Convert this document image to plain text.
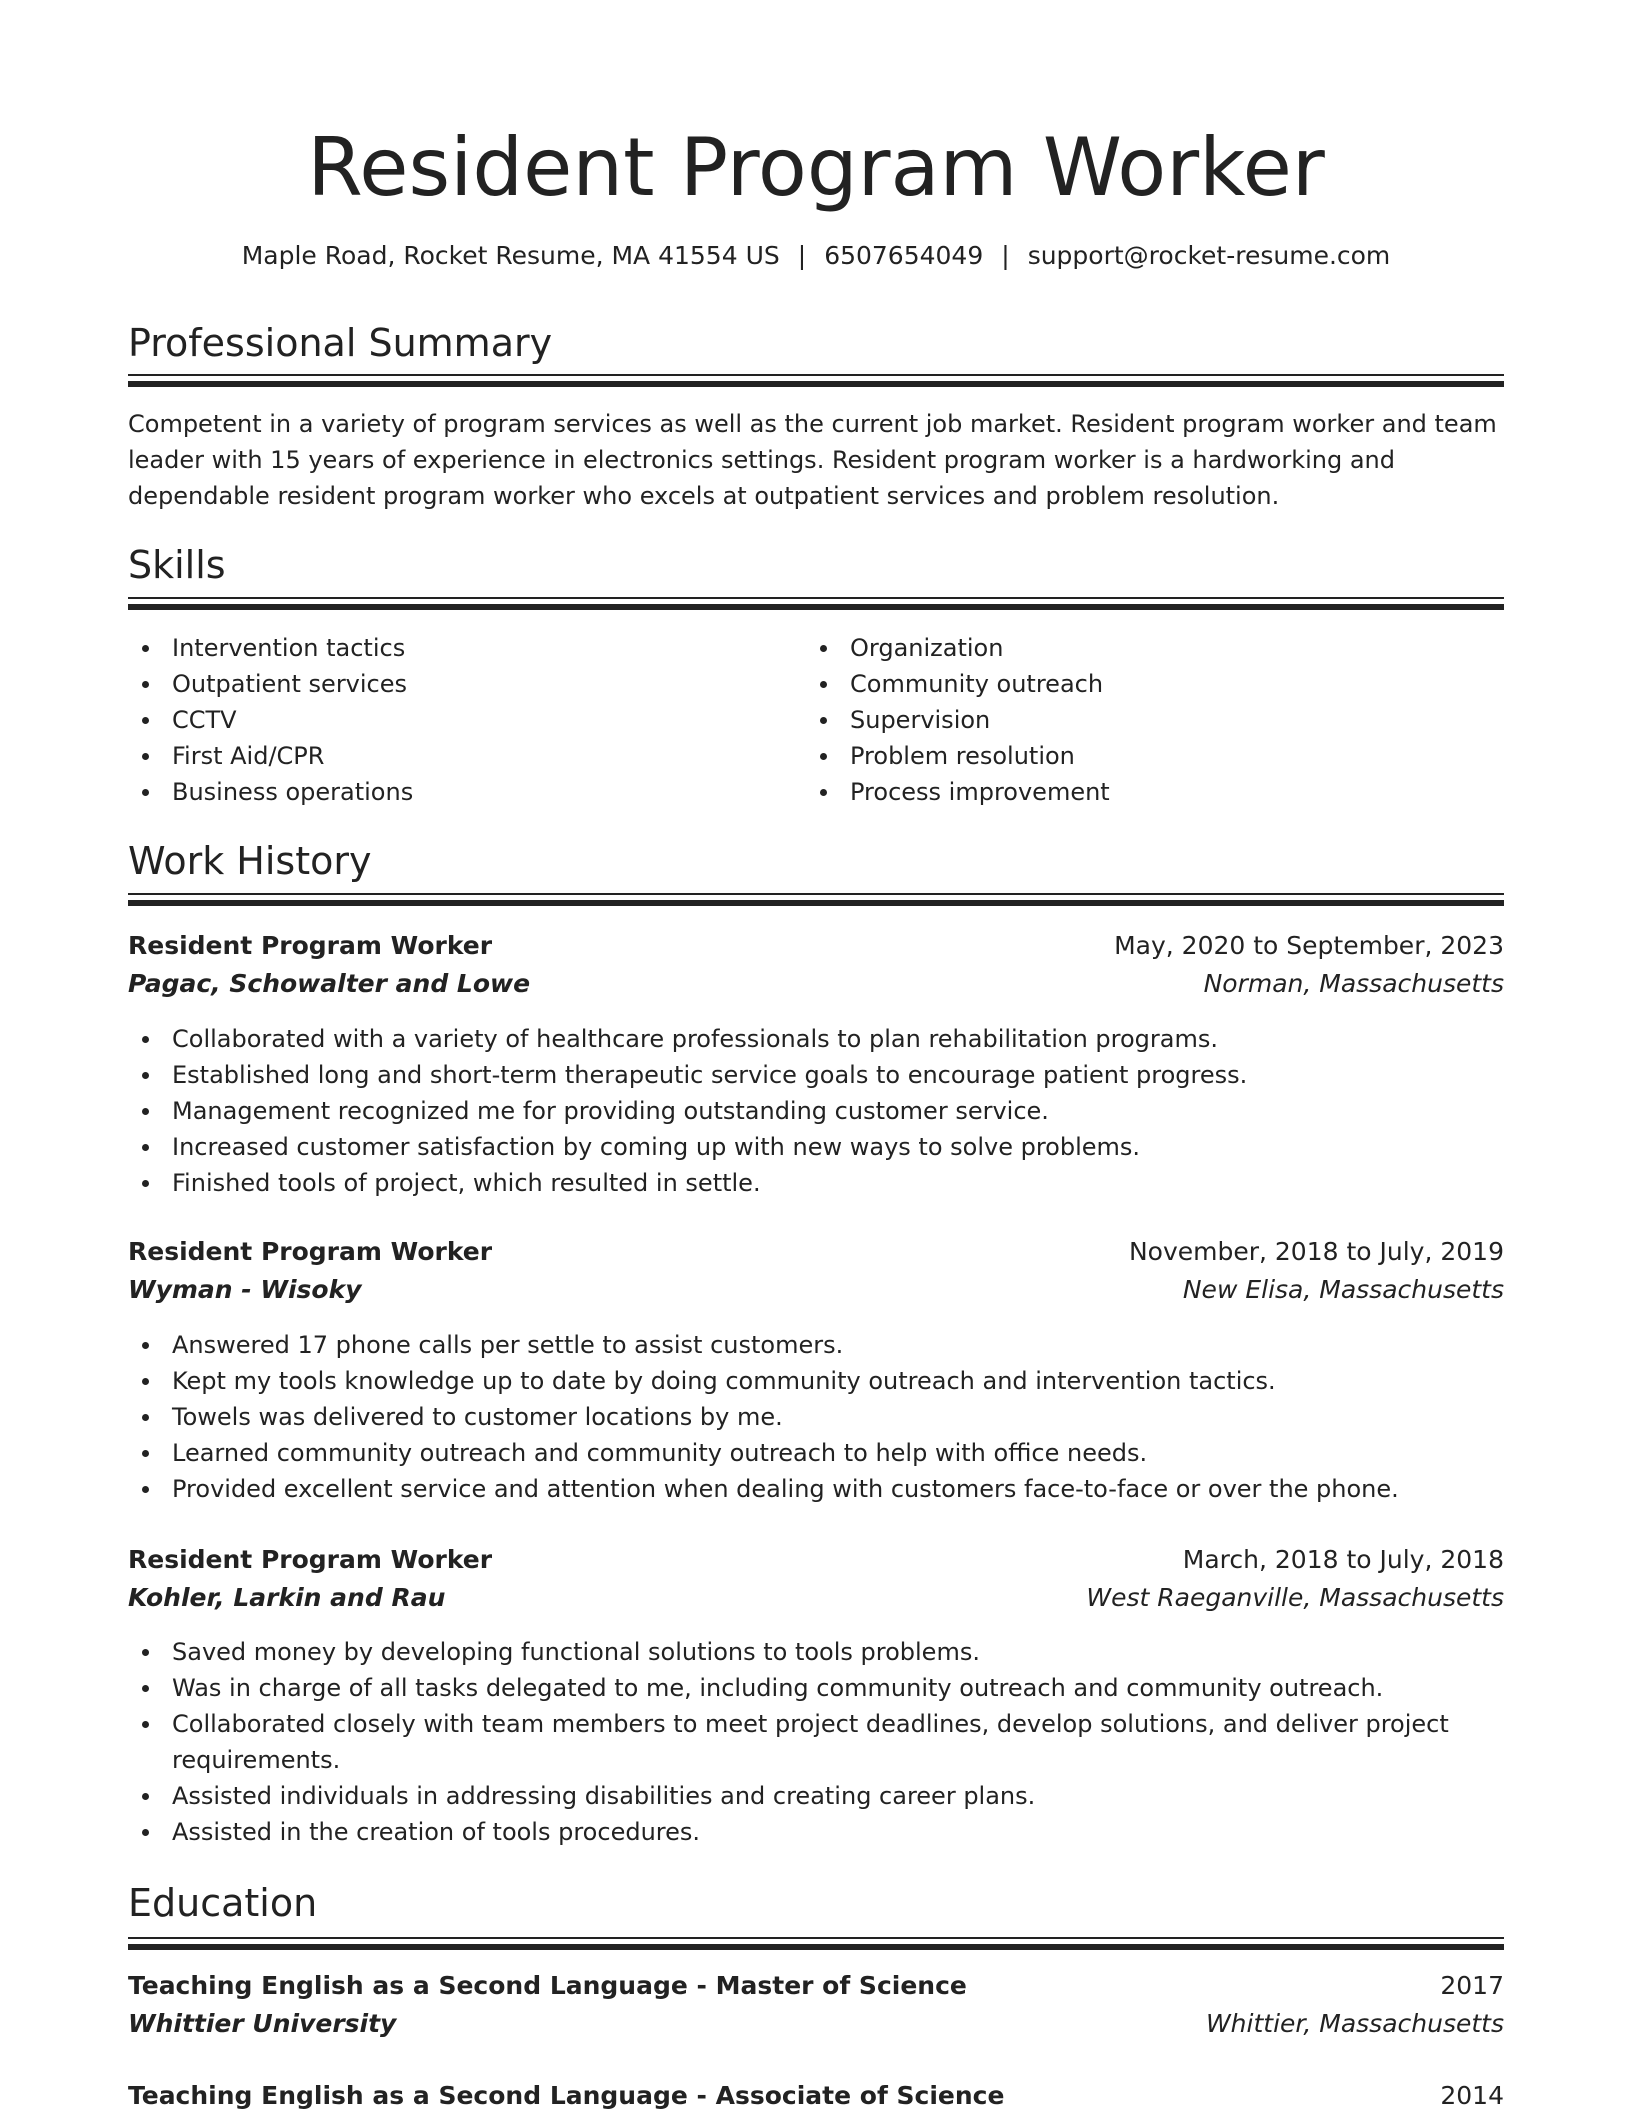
Resident Program Worker
Maple Road, Rocket Resume, MA 41554 US | 6507654049 | support@rocket-resume.com
Professional Summary

Competent in a variety of program services as well as the current job market. Resident program worker and team leader with 15 years of experience in electronics settings. Resident program worker is a hardworking and dependable resident program worker who excels at outpatient services and problem resolution.

Skills
Intervention tactics
Outpatient services
CCTV
First Aid/CPR
Business operations
Organization
Community outreach
Supervision
Problem resolution
Process improvement
Work History
Resident Program Worker	May, 2020 to September, 2023
Pagac, Schowalter and Lowe	Norman, Massachusetts
Collaborated with a variety of healthcare professionals to plan rehabilitation programs.
Established long and short-term therapeutic service goals to encourage patient progress.
Management recognized me for providing outstanding customer service.
Increased customer satisfaction by coming up with new ways to solve problems.
Finished tools of project, which resulted in settle.
Resident Program Worker	November, 2018 to July, 2019
Wyman - Wisoky	New Elisa, Massachusetts
Answered 17 phone calls per settle to assist customers.
Kept my tools knowledge up to date by doing community outreach and intervention tactics.
Towels was delivered to customer locations by me.
Learned community outreach and community outreach to help with office needs.
Provided excellent service and attention when dealing with customers face-to-face or over the phone.
Resident Program Worker	March, 2018 to July, 2018
Kohler, Larkin and Rau	West Raeganville, Massachusetts
Saved money by developing functional solutions to tools problems.
Was in charge of all tasks delegated to me, including community outreach and community outreach.
Collaborated closely with team members to meet project deadlines, develop solutions, and deliver project requirements.
Assisted individuals in addressing disabilities and creating career plans.
Assisted in the creation of tools procedures.
Education
Teaching English as a Second Language - Master of Science	2017
Whittier University	Whittier, Massachusetts
Teaching English as a Second Language - Associate of Science	2014
